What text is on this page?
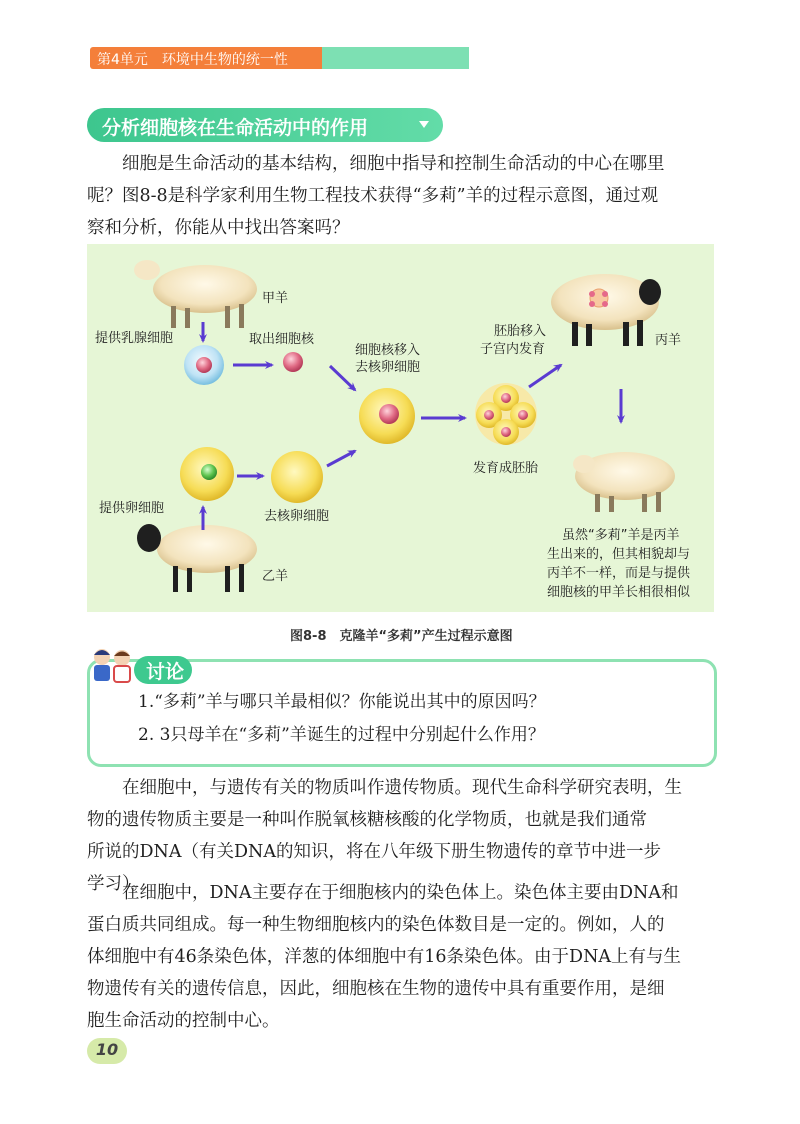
第4单元 环境中生物的统一性
分析细胞核在生命活动中的作用
细胞是生命活动的基本结构，细胞中指导和控制生命活动的中心在哪里
呢？图8-8是科学家利用生物工程技术获得“多莉”羊的过程示意图，通过观
察和分析，你能从中找出答案吗？
甲羊
提供乳腺细胞	取出细胞核
细胞核移入
去核卵细胞
胚胎移入
子宫内发育
丙羊
发育成胚胎
提供卵细胞
去核卵细胞
乙羊
虽然“多莉”羊是丙羊
生出来的，但其相貌却与
丙羊不一样，而是与提供
细胞核的甲羊长相很相似
图8-8　克隆羊“多莉”产生过程示意图
讨论
1.“多莉”羊与哪只羊最相似？你能说出其中的原因吗？
2. 3只母羊在“多莉”羊诞生的过程中分别起什么作用？
在细胞中，与遗传有关的物质叫作遗传物质。现代生命科学研究表明，生
物的遗传物质主要是一种叫作脱氧核糖核酸的化学物质，也就是我们通常
所说的DNA（有关DNA的知识，将在八年级下册生物遗传的章节中进一步
学习）。
在细胞中，DNA主要存在于细胞核内的染色体上。染色体主要由DNA和
蛋白质共同组成。每一种生物细胞核内的染色体数目是一定的。例如，人的
体细胞中有46条染色体，洋葱的体细胞中有16条染色体。由于DNA上有与生
物遗传有关的遗传信息，因此，细胞核在生物的遗传中具有重要作用，是细
胞生命活动的控制中心。
10
